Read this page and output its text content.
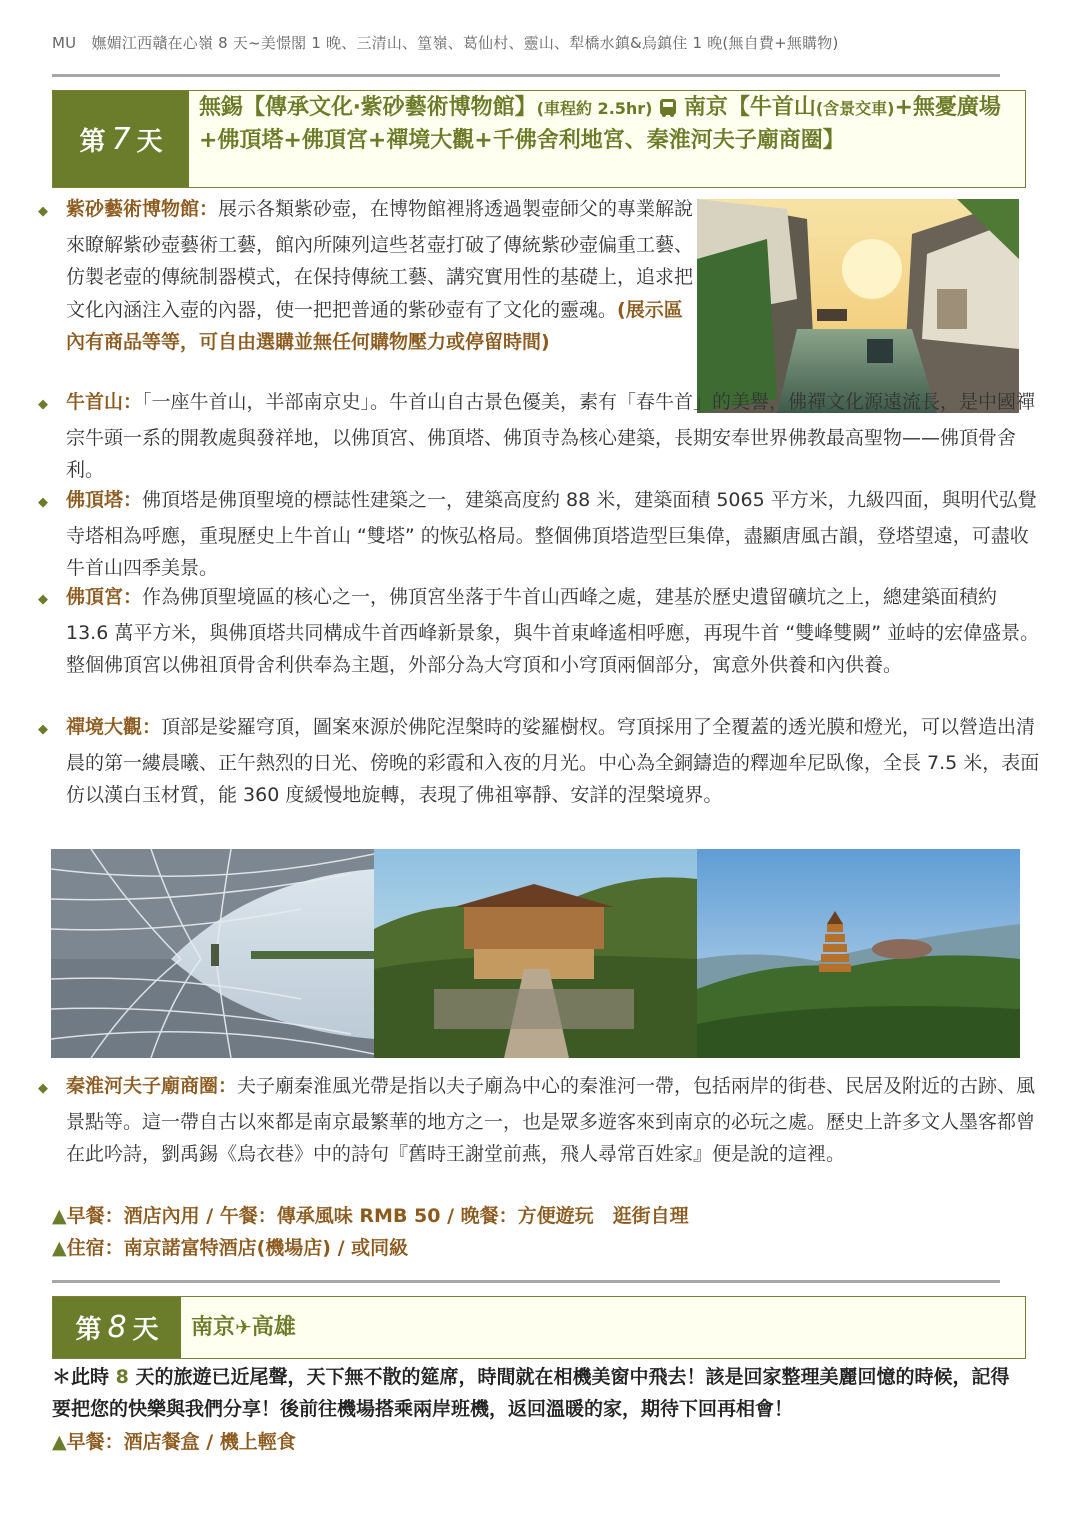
MU　嫵媚江西贛在心嶺 8 天~美憬閣 1 晚、三清山、篁嶺、葛仙村、靈山、犁橋水鎮&烏鎮住 1 晚(無自費+無購物)
第 7 天
無錫【傳承文化‧紫砂藝術博物館】(車程約 2.5hr) 南京【牛首山(含景交車)+無憂廣場+佛頂塔+佛頂宮+禪境大觀+千佛舍利地宮、秦淮河夫子廟商圈】
◆ 紫砂藝術博物館：展示各類紫砂壺，在博物館裡將透過製壺師父的專業解說來瞭解紫砂壺藝術工藝，館內所陳列這些茗壺打破了傳統紫砂壺偏重工藝、仿製老壺的傳統制器模式，在保持傳統工藝、講究實用性的基礎上，追求把文化內涵注入壺的內器，使一把把普通的紫砂壺有了文化的靈魂。(展示區內有商品等等，可自由選購並無任何購物壓力或停留時間)
◆ 牛首山：「一座牛首山，半部南京史」。牛首山自古景色優美，素有「春牛首」的美譽，佛禪文化源遠流長，是中國禪宗牛頭一系的開教處與發祥地，以佛頂宮、佛頂塔、佛頂寺為核心建築，長期安奉世界佛教最高聖物——佛頂骨舍利。
◆ 佛頂塔：佛頂塔是佛頂聖境的標誌性建築之一，建築高度約 88 米，建築面積 5065 平方米，九級四面，與明代弘覺寺塔相為呼應，重現歷史上牛首山 “雙塔” 的恢弘格局。整個佛頂塔造型巨集偉，盡顯唐風古韻，登塔望遠，可盡收牛首山四季美景。
◆ 佛頂宮：作為佛頂聖境區的核心之一，佛頂宮坐落于牛首山西峰之處，建基於歷史遺留礦坑之上，總建築面積約 13.6 萬平方米，與佛頂塔共同構成牛首西峰新景象，與牛首東峰遙相呼應，再現牛首 “雙峰雙闕” 並峙的宏偉盛景。整個佛頂宮以佛祖頂骨舍利供奉為主題，外部分為大穹頂和小穹頂兩個部分，寓意外供養和內供養。
◆ 禪境大觀：頂部是娑羅穹頂，圖案來源於佛陀涅槃時的娑羅樹杈。穹頂採用了全覆蓋的透光膜和燈光，可以營造出清晨的第一縷晨曦、正午熱烈的日光、傍晚的彩霞和入夜的月光。中心為全銅鑄造的釋迦牟尼臥像，全長 7.5 米，表面仿以漢白玉材質，能 360 度緩慢地旋轉，表現了佛祖寧靜、安詳的涅槃境界。
◆ 秦淮河夫子廟商圈：夫子廟秦淮風光帶是指以夫子廟為中心的秦淮河一帶，包括兩岸的街巷、民居及附近的古跡、風景點等。這一帶自古以來都是南京最繁華的地方之一，也是眾多遊客來到南京的必玩之處。歷史上許多文人墨客都曾在此吟詩，劉禹錫《烏衣巷》中的詩句『舊時王謝堂前燕，飛人尋常百姓家』便是說的這裡。
▲早餐：酒店內用 / 午餐：傳承風味 RMB 50 / 晚餐：方便遊玩　逛街自理
▲住宿：南京諾富特酒店(機場店) / 或同級
第 8 天 南京✈高雄
＊此時 8 天的旅遊已近尾聲，天下無不散的筵席，時間就在相機美窗中飛去！該是回家整理美麗回憶的時候，記得要把您的快樂與我們分享！後前往機場搭乘兩岸班機，返回溫暖的家，期待下回再相會！
▲早餐：酒店餐盒 / 機上輕食
